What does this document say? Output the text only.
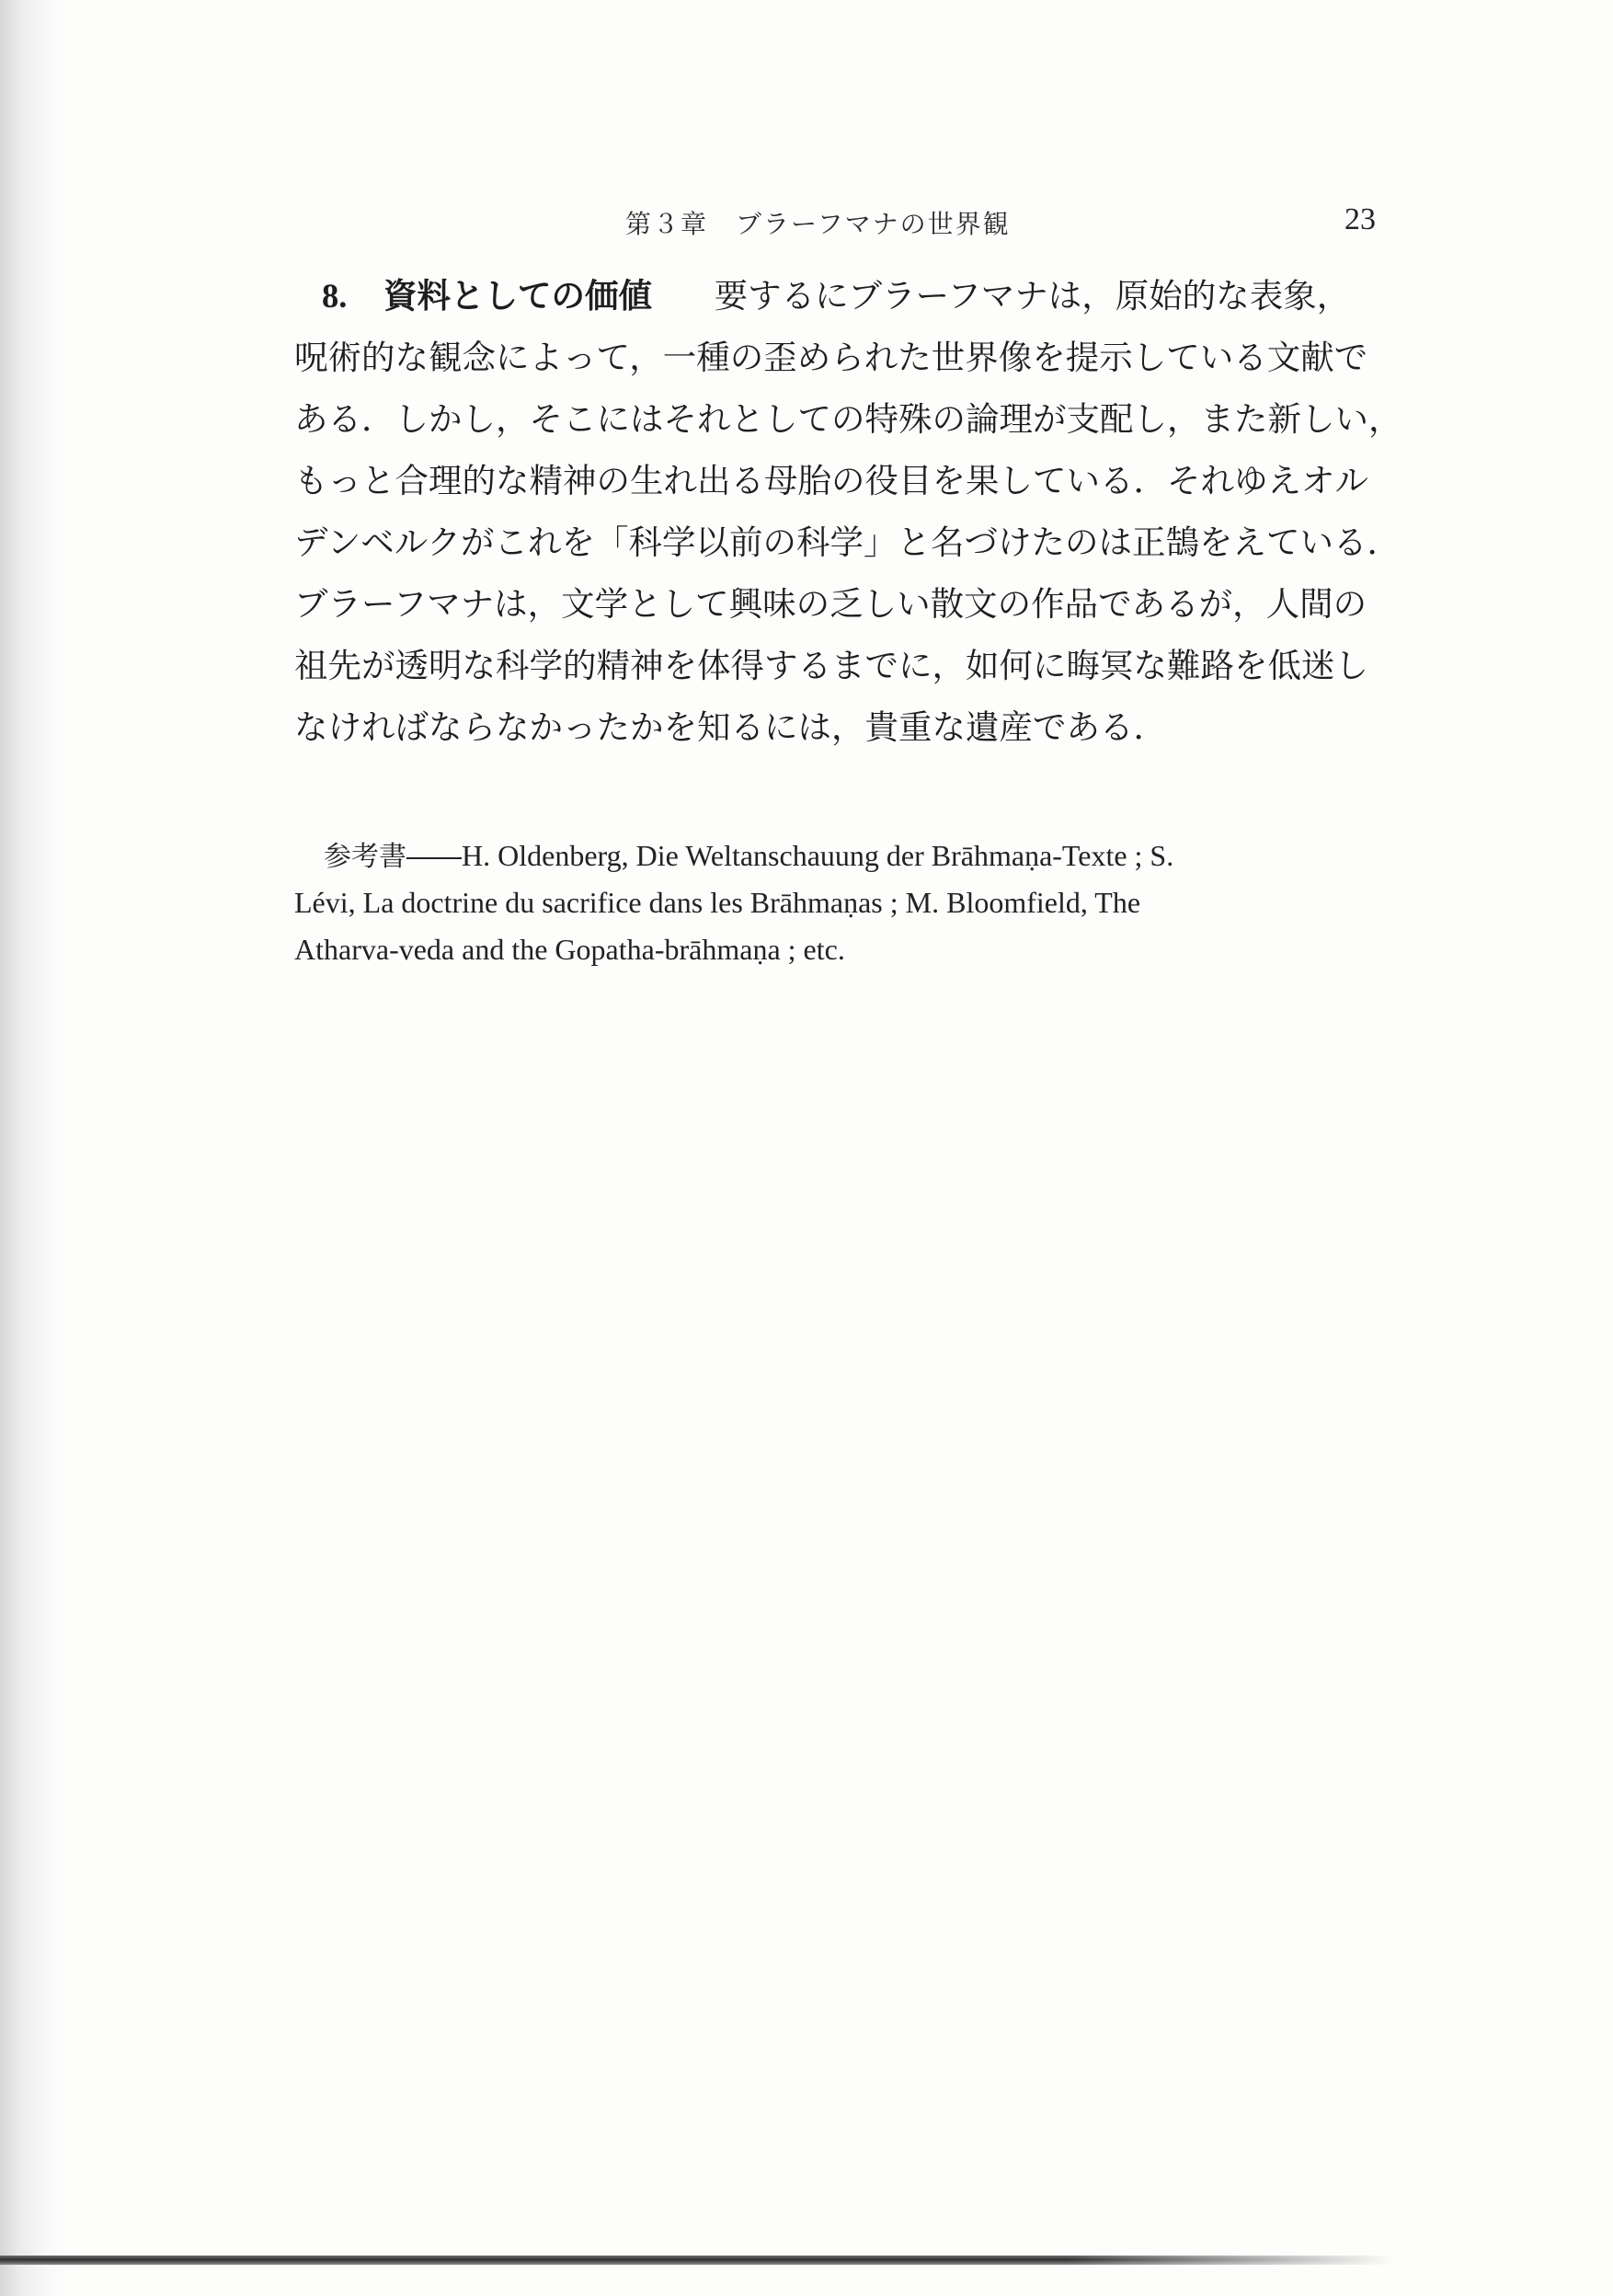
第３章　ブラーフマナの世界観	23
8. 資料としての価値 要するにブラーフマナは，原始的な表象，
呪術的な観念によって，一種の歪められた世界像を提示している文献で
ある．しかし，そこにはそれとしての特殊の論理が支配し，また新しい，
もっと合理的な精神の生れ出る母胎の役目を果している．それゆえオル
デンベルクがこれを「科学以前の科学」と名づけたのは正鵠をえている．
ブラーフマナは，文学として興味の乏しい散文の作品であるが，人間の
祖先が透明な科学的精神を体得するまでに，如何に晦冥な難路を低迷し
なければならなかったかを知るには，貴重な遺産である．
参考書――H. Oldenberg, Die Weltanschauung der Brāhmaṇa-Texte ; S.
Lévi, La doctrine du sacrifice dans les Brāhmaṇas ; M. Bloomfield, The
Atharva-veda and the Gopatha-brāhmaṇa ; etc.
